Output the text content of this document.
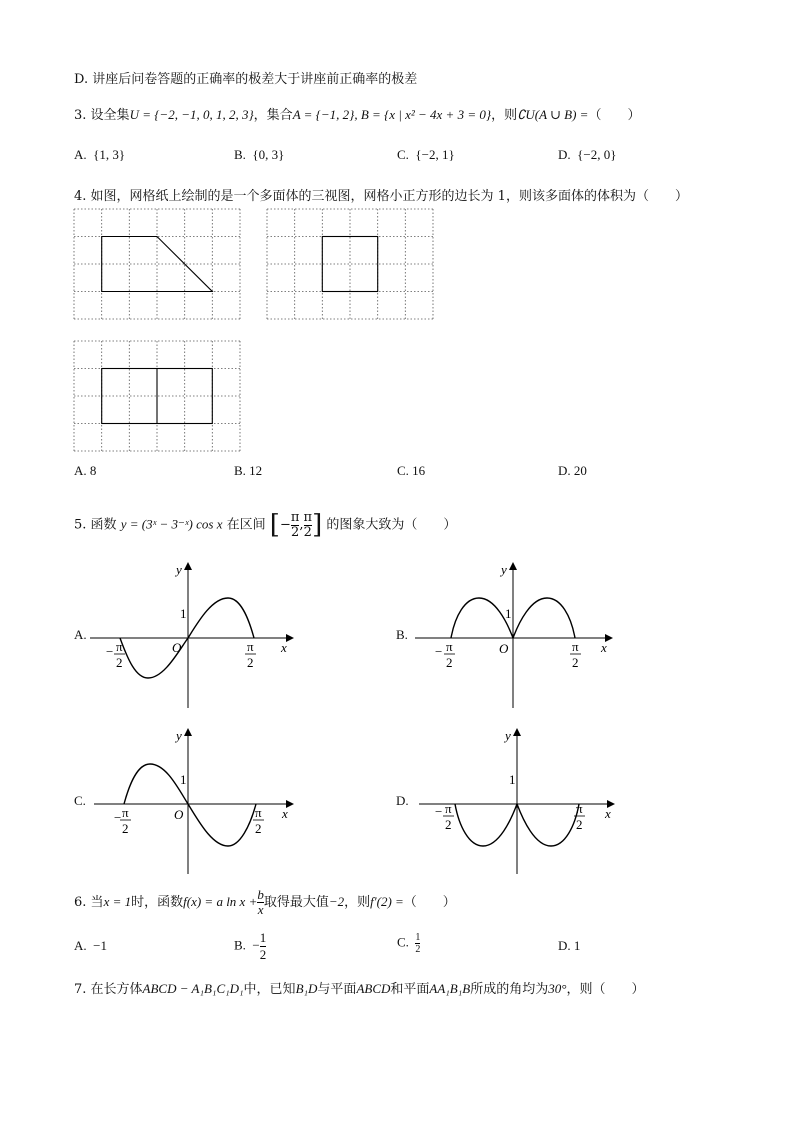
D. 讲座后问卷答题的正确率的极差大于讲座前正确率的极差
3. 设全集U = {−2, −1, 0, 1, 2, 3}，集合A = {−1, 2}, B = {x | x² − 4x + 3 = 0}，则∁U(A ∪ B) =（　　）
A. {1, 3}	B. {0, 3}	C. {−2, 1}	D. {−2, 0}
4. 如图，网格纸上绘制的是一个多面体的三视图，网格小正方形的边长为 1，则该多面体的体积为（　　）
A. 8	B. 12	C. 16	D. 20
5. 函数 y = (3ˣ − 3⁻ˣ) cos x 在区间 [$-\frac{\pi}{2} ,\frac{\pi}{2}$ ] 的图象大致为（　　）
A.
y
x
O
1
− π
2
π
2
B.
y
x
O
1
− π
2
π
2
C.
y
x
O
1
− π
2
π
2
D.
y
x
1
− π
2
π
2
6. 当x = 1时，函数f(x) = a $\ln x +\frac{b}{x}$ 取得最大值−2，则f′(2) =（　　）
A. −1	B. $-\frac{1}{2}$	C. $\frac{1}{2}$	D. 1
7. 在长方体ABCD − A₁B₁C₁D₁中，已知B₁D与平面ABCD和平面AA₁B₁B所成的角均为30°，则（　　）
